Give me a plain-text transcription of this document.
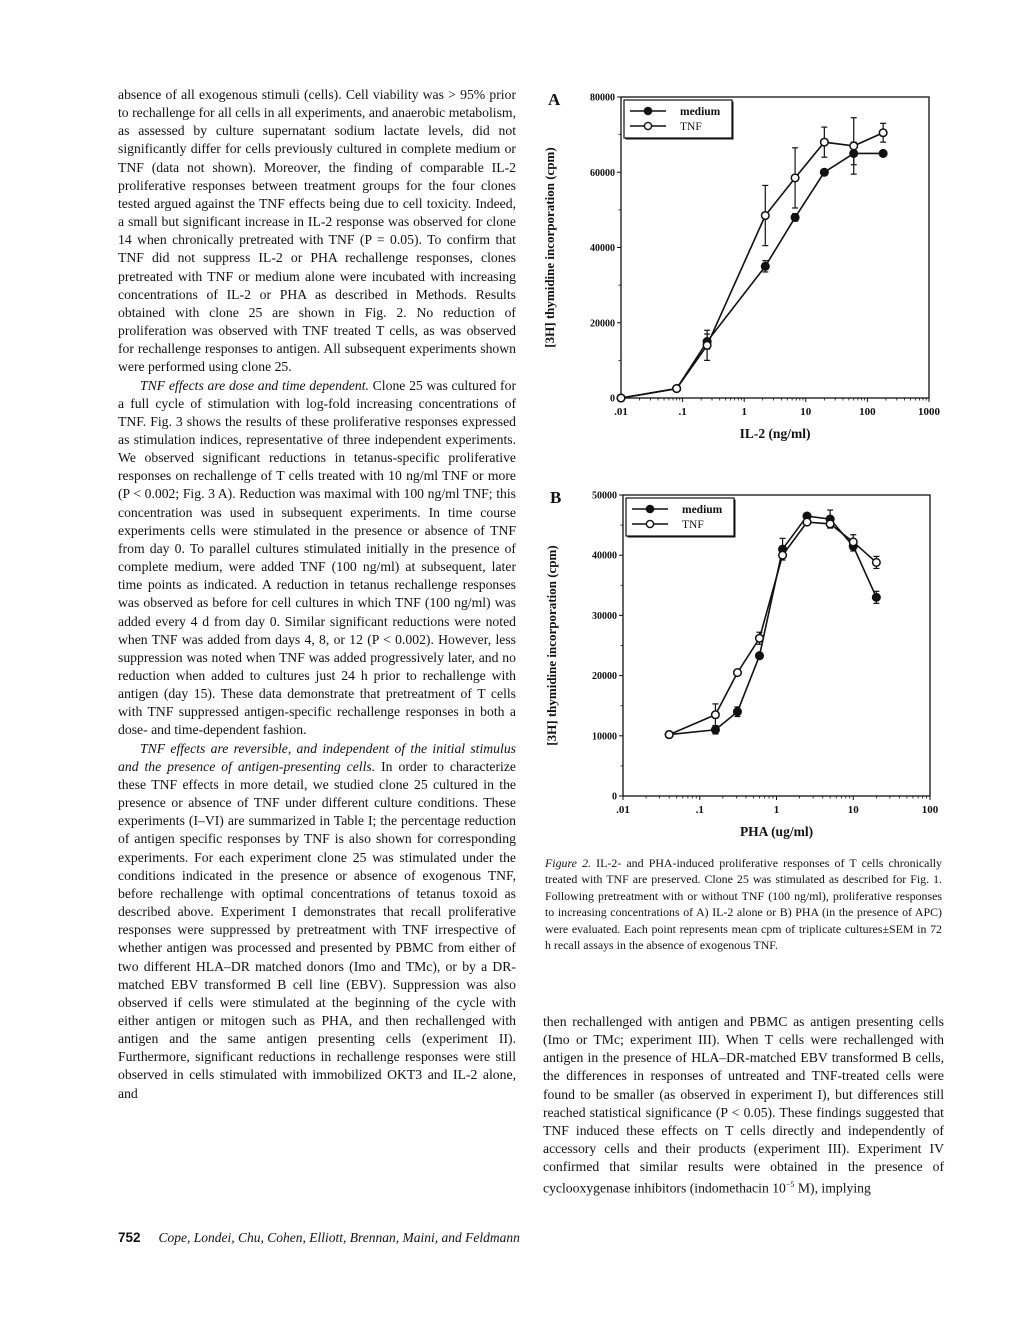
absence of all exogenous stimuli (cells). Cell viability was > 95% prior to rechallenge for all cells in all experiments, and anaerobic metabolism, as assessed by culture supernatant sodium lactate levels, did not significantly differ for cells previously cultured in complete medium or TNF (data not shown). Moreover, the finding of comparable IL-2 proliferative responses between treatment groups for the four clones tested argued against the TNF effects being due to cell toxicity. Indeed, a small but significant increase in IL-2 response was observed for clone 14 when chronically pretreated with TNF (P = 0.05). To confirm that TNF did not suppress IL-2 or PHA rechallenge responses, clones pretreated with TNF or medium alone were incubated with increasing concentrations of IL-2 or PHA as described in Methods. Results obtained with clone 25 are shown in Fig. 2. No reduction of proliferation was observed with TNF treated T cells, as was observed for rechallenge responses to antigen. All subsequent experiments shown were performed using clone 25.

TNF effects are dose and time dependent. Clone 25 was cultured for a full cycle of stimulation with log-fold increasing concentrations of TNF. Fig. 3 shows the results of these proliferative responses expressed as stimulation indices, representative of three independent experiments. We observed significant reductions in tetanus-specific proliferative responses on rechallenge of T cells treated with 10 ng/ml TNF or more (P < 0.002; Fig. 3 A). Reduction was maximal with 100 ng/ml TNF; this concentration was used in subsequent experiments. In time course experiments cells were stimulated in the presence or absence of TNF from day 0. To parallel cultures stimulated initially in the presence of complete medium, were added TNF (100 ng/ml) at subsequent, later time points as indicated. A reduction in tetanus rechallenge responses was observed as before for cell cultures in which TNF (100 ng/ml) was added every 4 d from day 0. Similar significant reductions were noted when TNF was added from days 4, 8, or 12 (P < 0.002). However, less suppression was noted when TNF was added progressively later, and no reduction when added to cultures just 24 h prior to rechallenge with antigen (day 15). These data demonstrate that pretreatment of T cells with TNF suppressed antigen-specific rechallenge responses in both a dose- and time-dependent fashion.

TNF effects are reversible, and independent of the initial stimulus and the presence of antigen-presenting cells. In order to characterize these TNF effects in more detail, we studied clone 25 cultured in the presence or absence of TNF under different culture conditions. These experiments (I–VI) are summarized in Table I; the percentage reduction of antigen specific responses by TNF is also shown for corresponding experiments. For each experiment clone 25 was stimulated under the conditions indicated in the presence or absence of exogenous TNF, before rechallenge with optimal concentrations of tetanus toxoid as described above. Experiment I demonstrates that recall proliferative responses were suppressed by pretreatment with TNF irrespective of whether antigen was processed and presented by PBMC from either of two different HLA–DR matched donors (Imo and TMc), or by a DR-matched EBV transformed B cell line (EBV). Suppression was also observed if cells were stimulated at the beginning of the cycle with either antigen or mitogen such as PHA, and then rechallenged with antigen and the same antigen presenting cells (experiment II). Furthermore, significant reductions in rechallenge responses were still observed in cells stimulated with immobilized OKT3 and IL-2 alone, and

.01	.1	1	10	100	1000
0
20000
40000
60000
80000
A
IL-2 (ng/ml)
[3H] thymidine incorporation (cpm)
medium
TNF
.01	.1	1	10	100
0
10000
20000
30000
40000
50000
B
PHA (ug/ml)
[3H] thymidine incorporation (cpm)
medium
TNF
Figure 2. IL-2- and PHA-induced proliferative responses of T cells chronically treated with TNF are preserved. Clone 25 was stimulated as described for Fig. 1. Following pretreatment with or without TNF (100 ng/ml), proliferative responses to increasing concentrations of A) IL-2 alone or B) PHA (in the presence of APC) were evaluated. Each point represents mean cpm of triplicate cultures±SEM in 72 h recall assays in the absence of exogenous TNF.

then rechallenged with antigen and PBMC as antigen presenting cells (Imo or TMc; experiment III). When T cells were rechallenged with antigen in the presence of HLA–DR-matched EBV transformed B cells, the differences in responses of untreated and TNF-treated cells were found to be smaller (as observed in experiment I), but differences still reached statistical significance (P < 0.05). These findings suggested that TNF induced these effects on T cells directly and independently of accessory cells and their products (experiment III). Experiment IV confirmed that similar results were obtained in the presence of cyclooxygenase inhibitors (indomethacin $10^{-5}$ M), implying

752 Cope, Londei, Chu, Cohen, Elliott, Brennan, Maini, and Feldmann
